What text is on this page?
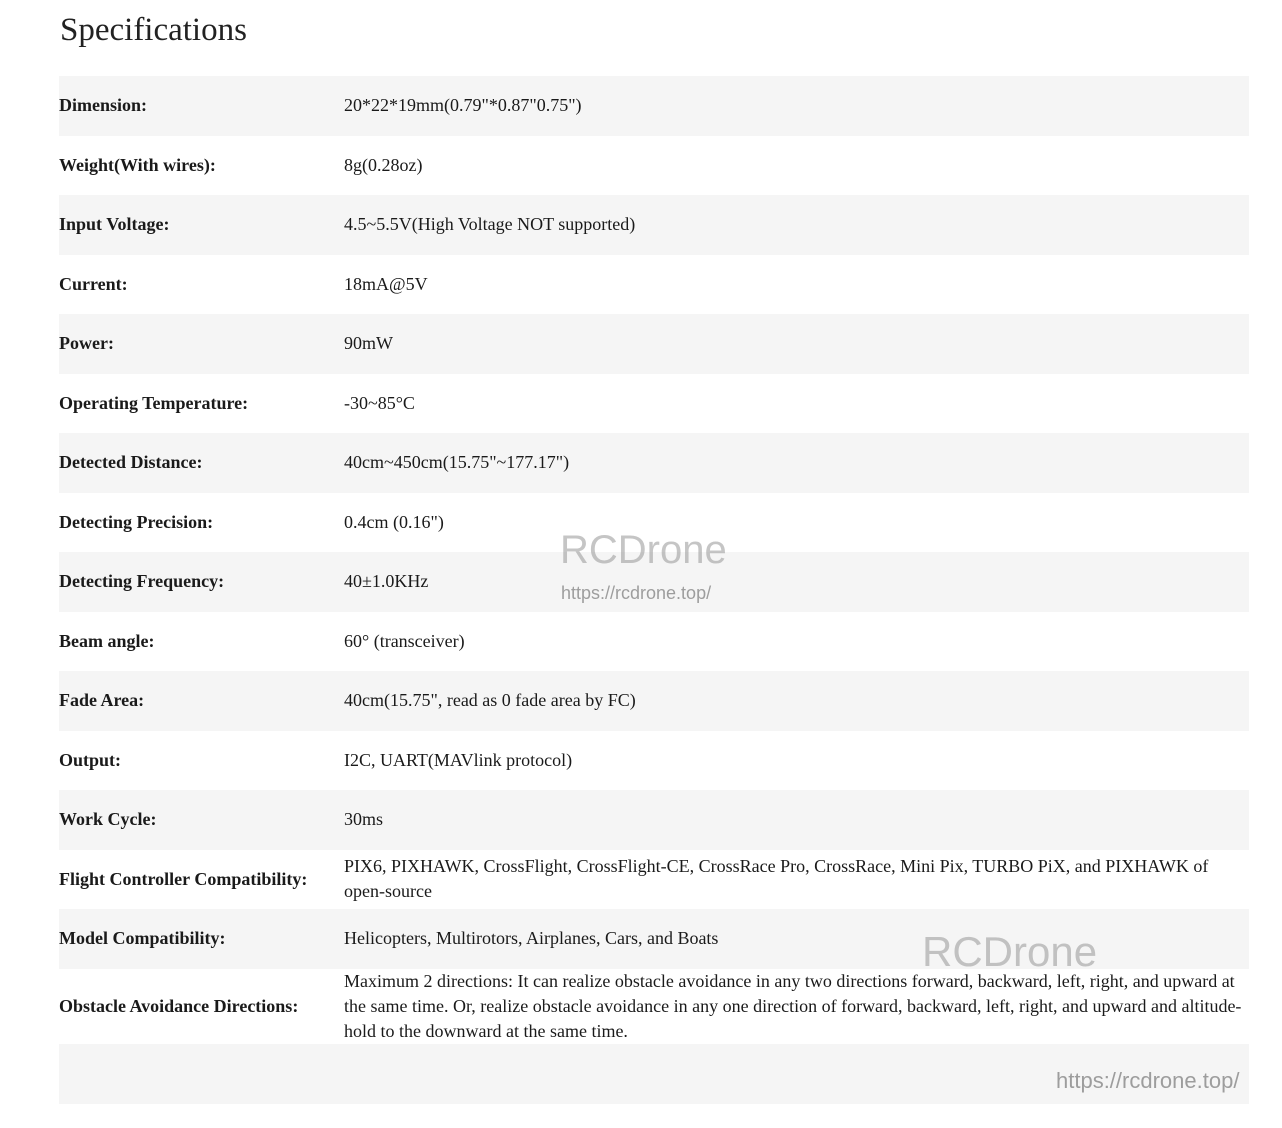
Specifications
Dimension:	20*22*19mm(0.79"*0.87"0.75")
Weight(With wires):	8g(0.28oz)
Input Voltage:	4.5~5.5V(High Voltage NOT supported)
Current:	18mA@5V
Power:	90mW
Operating Temperature:	-30~85°C
Detected Distance:	40cm~450cm(15.75"~177.17")
Detecting Precision:	0.4cm (0.16")
Detecting Frequency:	40±1.0KHz
Beam angle:	60° (transceiver)
Fade Area:	40cm(15.75", read as 0 fade area by FC)
Output:	I2C, UART(MAVlink protocol)
Work Cycle:	30ms
Flight Controller Compatibility:
PIX6, PIXHAWK, CrossFlight, CrossFlight-CE, CrossRace Pro, CrossRace, Mini Pix, TURBO PiX, and PIXHAWK of open-source
Model Compatibility:	Helicopters, Multirotors, Airplanes, Cars, and Boats
Obstacle Avoidance Directions:
Maximum 2 directions: It can realize obstacle avoidance in any two directions forward, backward, left, right, and upward at the same time. Or, realize obstacle avoidance in any one direction of forward, backward, left, right, and upward and altitude-hold to the downward at the same time.
RCDrone
https://rcdrone.top/
RCDrone
https://rcdrone.top/
